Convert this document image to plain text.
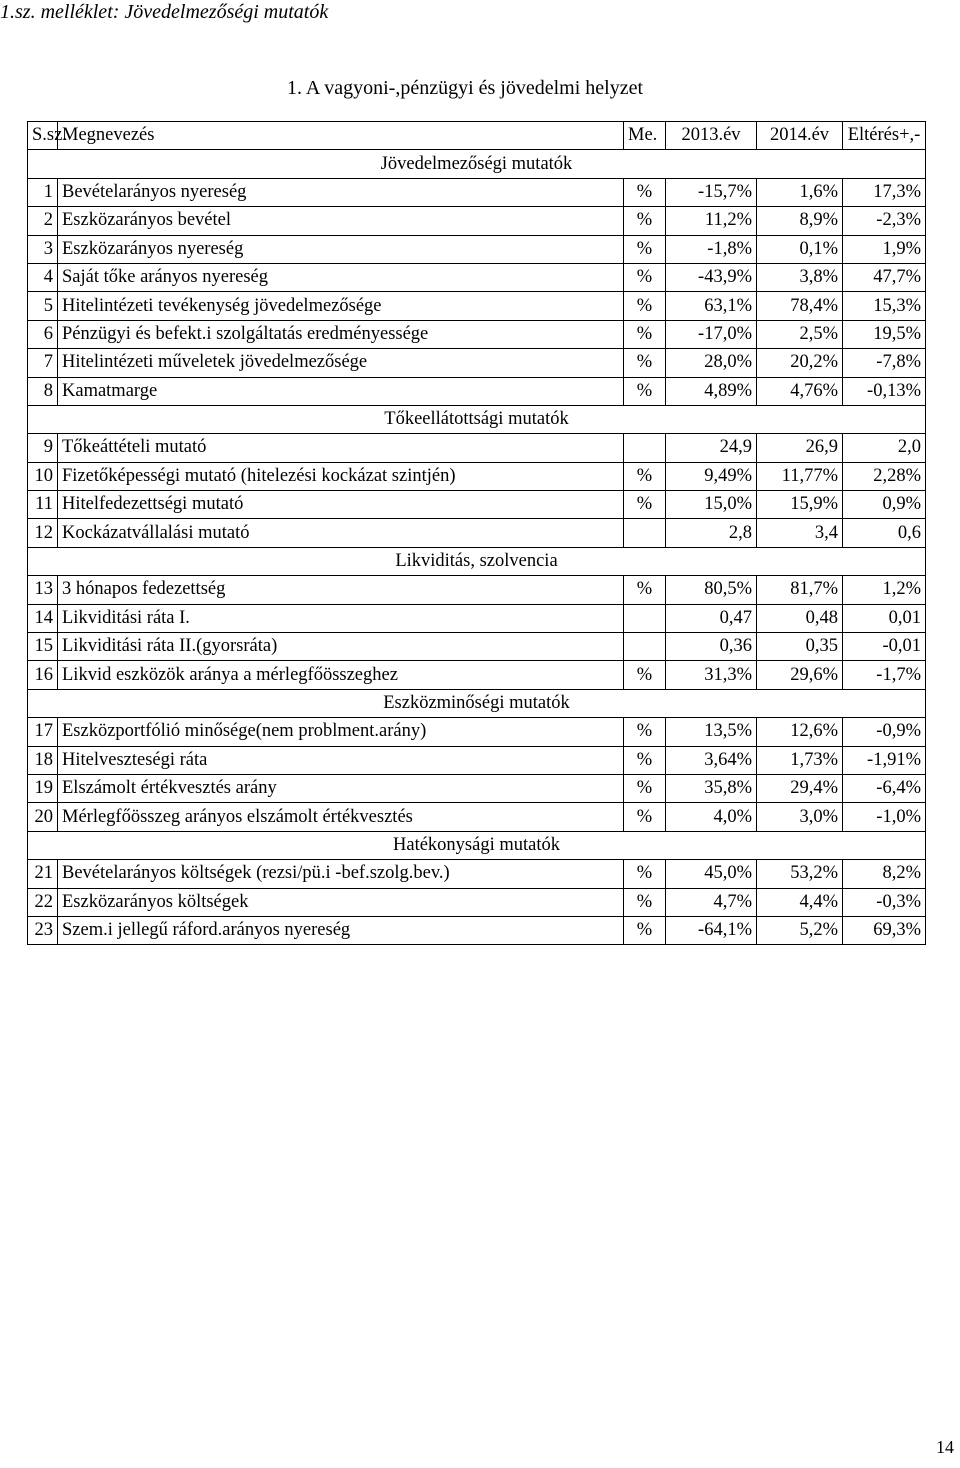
1.sz. melléklet: Jövedelmezőségi mutatók
1. A vagyoni-,pénzügyi és jövedelmi helyzet
S.sz.	Megnevezés	Me.	2013.év	2014.év	Eltérés+,-
Jövedelmezőségi mutatók					
1	Bevételarányos nyereség	%	-15,7%	1,6%	17,3%
2	Eszközarányos bevétel	%	11,2%	8,9%	-2,3%
3	Eszközarányos nyereség	%	-1,8%	0,1%	1,9%
4	Saját tőke arányos nyereség	%	-43,9%	3,8%	47,7%
5	Hitelintézeti tevékenység jövedelmezősége	%	63,1%	78,4%	15,3%
6	Pénzügyi és befekt.i szolgáltatás eredményessége	%	-17,0%	2,5%	19,5%
7	Hitelintézeti műveletek jövedelmezősége	%	28,0%	20,2%	-7,8%
8	Kamatmarge	%	4,89%	4,76%	-0,13%
Tőkeellátottsági mutatók					
9	Tőkeáttételi mutató		24,9	26,9	2,0
10	Fizetőképességi mutató (hitelezési kockázat szintjén)	%	9,49%	11,77%	2,28%
11	Hitelfedezettségi mutató	%	15,0%	15,9%	0,9%
12	Kockázatvállalási mutató		2,8	3,4	0,6
Likviditás, szolvencia					
13	3 hónapos fedezettség	%	80,5%	81,7%	1,2%
14	Likviditási ráta I.		0,47	0,48	0,01
15	Likviditási ráta II.(gyorsráta)		0,36	0,35	-0,01
16	Likvid eszközök aránya a mérlegfőösszeghez	%	31,3%	29,6%	-1,7%
Eszközminőségi mutatók					
17	Eszközportfólió minősége(nem problment.arány)	%	13,5%	12,6%	-0,9%
18	Hitelveszteségi ráta	%	3,64%	1,73%	-1,91%
19	Elszámolt értékvesztés arány	%	35,8%	29,4%	-6,4%
20	Mérlegfőösszeg arányos elszámolt értékvesztés	%	4,0%	3,0%	-1,0%
Hatékonysági mutatók					
21	Bevételarányos költségek (rezsi/pü.i -bef.szolg.bev.)	%	45,0%	53,2%	8,2%
22	Eszközarányos költségek	%	4,7%	4,4%	-0,3%
23	Szem.i jellegű ráford.arányos nyereség	%	-64,1%	5,2%	69,3%
14
